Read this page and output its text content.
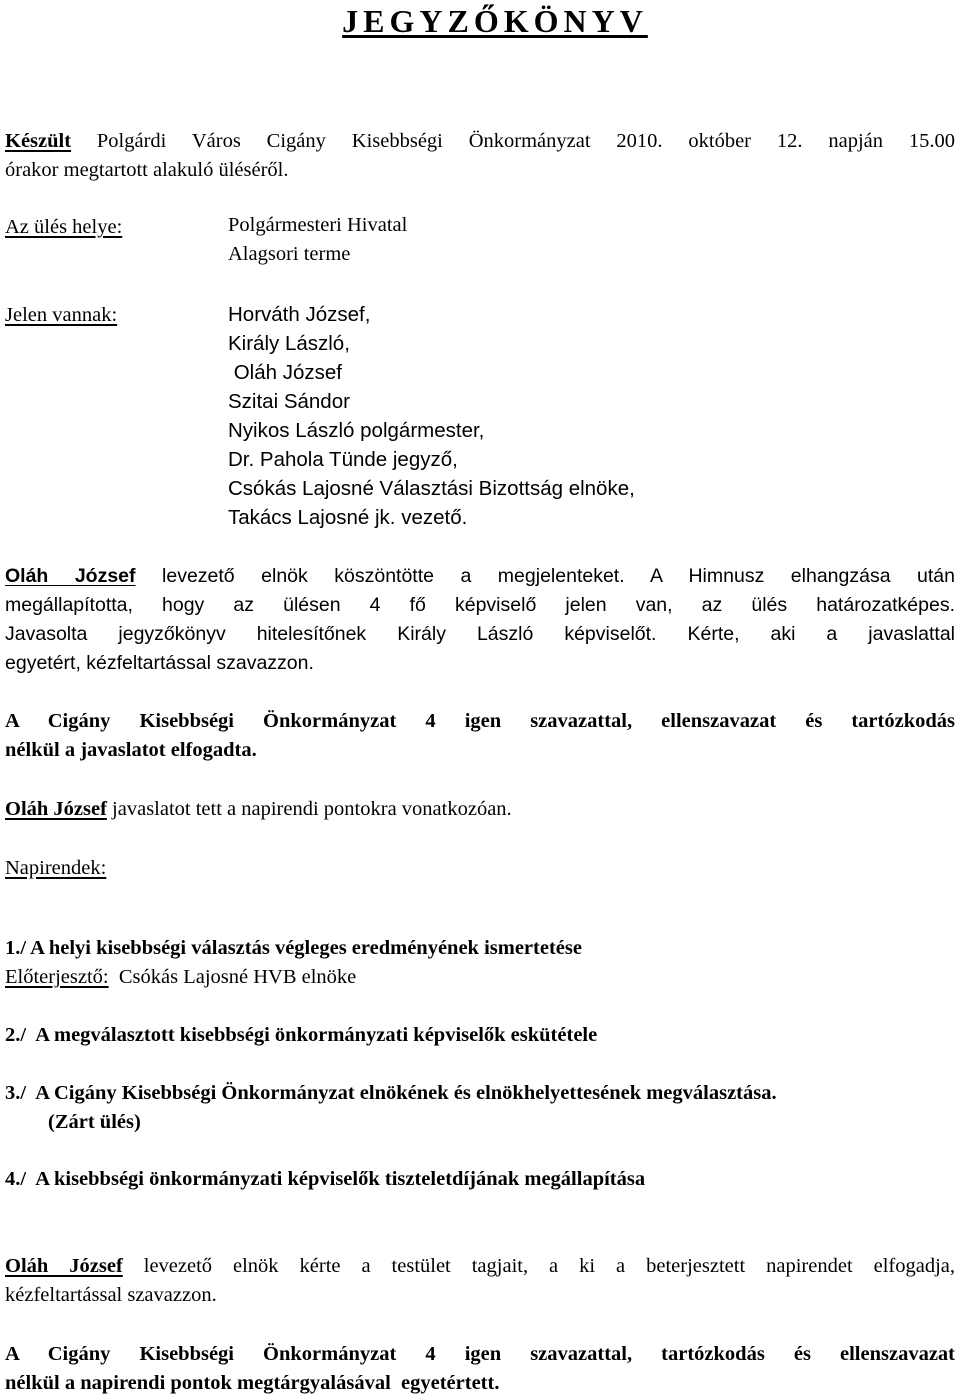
JEGYZŐKÖNYV
Készült Polgárdi Város Cigány Kisebbségi Önkormányzat 2010. október 12. napján 15.00
órakor megtartott alakuló üléséről.
Az ülés helye:	Polgármesteri Hivatal
Alagsori terme
Jelen vannak:	Horváth József,
Király László,
Oláh József
Szitai Sándor
Nyikos László polgármester,
Dr. Pahola Tünde jegyző,
Csókás Lajosné Választási Bizottság elnöke,
Takács Lajosné jk. vezető.
Oláh József levezető elnök köszöntötte a megjelenteket. A Himnusz elhangzása után
megállapította, hogy az ülésen 4 fő képviselő jelen van, az ülés határozatképes.
Javasolta jegyzőkönyv hitelesítőnek Király László képviselőt. Kérte, aki a javaslattal
egyetért, kézfeltartással szavazzon.
A Cigány Kisebbségi Önkormányzat 4 igen szavazattal, ellenszavazat és tartózkodás
nélkül a javaslatot elfogadta.
Oláh József javaslatot tett a napirendi pontokra vonatkozóan.
Napirendek:
1./ A helyi kisebbségi választás végleges eredményének ismertetése
Előterjesztő:  Csókás Lajosné HVB elnöke
2./  A megválasztott kisebbségi önkormányzati képviselők eskütétele
3./  A Cigány Kisebbségi Önkormányzat elnökének és elnökhelyettesének megválasztása.
(Zárt ülés)
4./  A kisebbségi önkormányzati képviselők tiszteletdíjának megállapítása
Oláh József levezető elnök kérte a testület tagjait, a ki a beterjesztett napirendet elfogadja,
kézfeltartással szavazzon.
A Cigány Kisebbségi Önkormányzat 4 igen szavazattal, tartózkodás és ellenszavazat
nélkül a napirendi pontok megtárgyalásával  egyetértett.
